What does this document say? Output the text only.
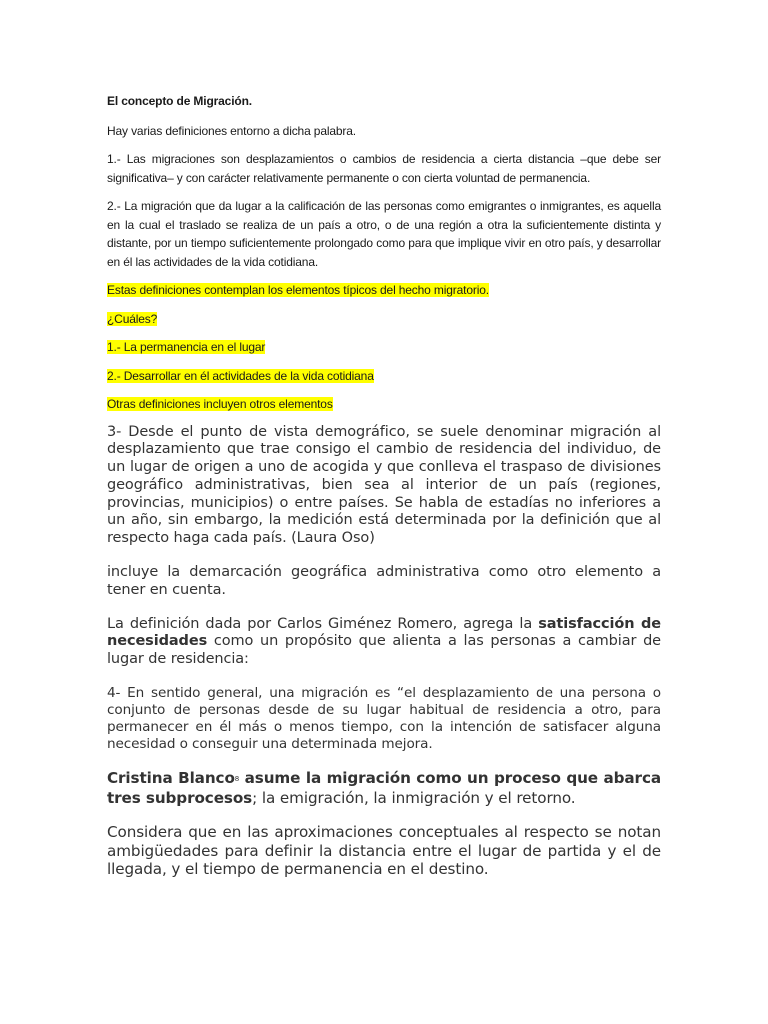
El concepto de Migración.

Hay varias definiciones entorno a dicha palabra.

1.- Las migraciones son desplazamientos o cambios de residencia a cierta distancia –que debe ser significativa– y con carácter relativamente permanente o con cierta voluntad de permanencia.

2.- La migración que da lugar a la calificación de las personas como emigrantes o inmigrantes, es aquella en la cual el traslado se realiza de un país a otro, o de una región a otra la suficientemente distinta y distante, por un tiempo suficientemente prolongado como para que implique vivir en otro país, y desarrollar en él las actividades de la vida cotidiana.

Estas definiciones contemplan los elementos típicos del hecho migratorio.

¿Cuáles?

1.- La permanencia en el lugar

2.- Desarrollar en él actividades de la vida cotidiana

Otras definiciones incluyen otros elementos

3- Desde el punto de vista demográfico, se suele denominar migración al desplazamiento que trae consigo el cambio de residencia del individuo, de un lugar de origen a uno de acogida y que conlleva el traspaso de divisiones geográfico administrativas, bien sea al interior de un país (regiones, provincias, municipios) o entre países. Se habla de estadías no inferiores a un año, sin embargo, la medición está determinada por la definición que al respecto haga cada país. (Laura Oso)

incluye la demarcación geográfica administrativa como otro elemento a tener en cuenta.

La definición dada por Carlos Giménez Romero, agrega la satisfacción de necesidades como un propósito que alienta a las personas a cambiar de lugar de residencia:

4- En sentido general, una migración es “el desplazamiento de una persona o conjunto de personas desde de su lugar habitual de residencia a otro, para permanecer en él más o menos tiempo, con la intención de satisfacer alguna necesidad o conseguir una determinada mejora.

Cristina Blanco$^8$ asume la migración como un proceso que abarca tres subprocesos; la emigración, la inmigración y el retorno.

Considera que en las aproximaciones conceptuales al respecto se notan ambigüedades para definir la distancia entre el lugar de partida y el de llegada, y el tiempo de permanencia en el destino.
